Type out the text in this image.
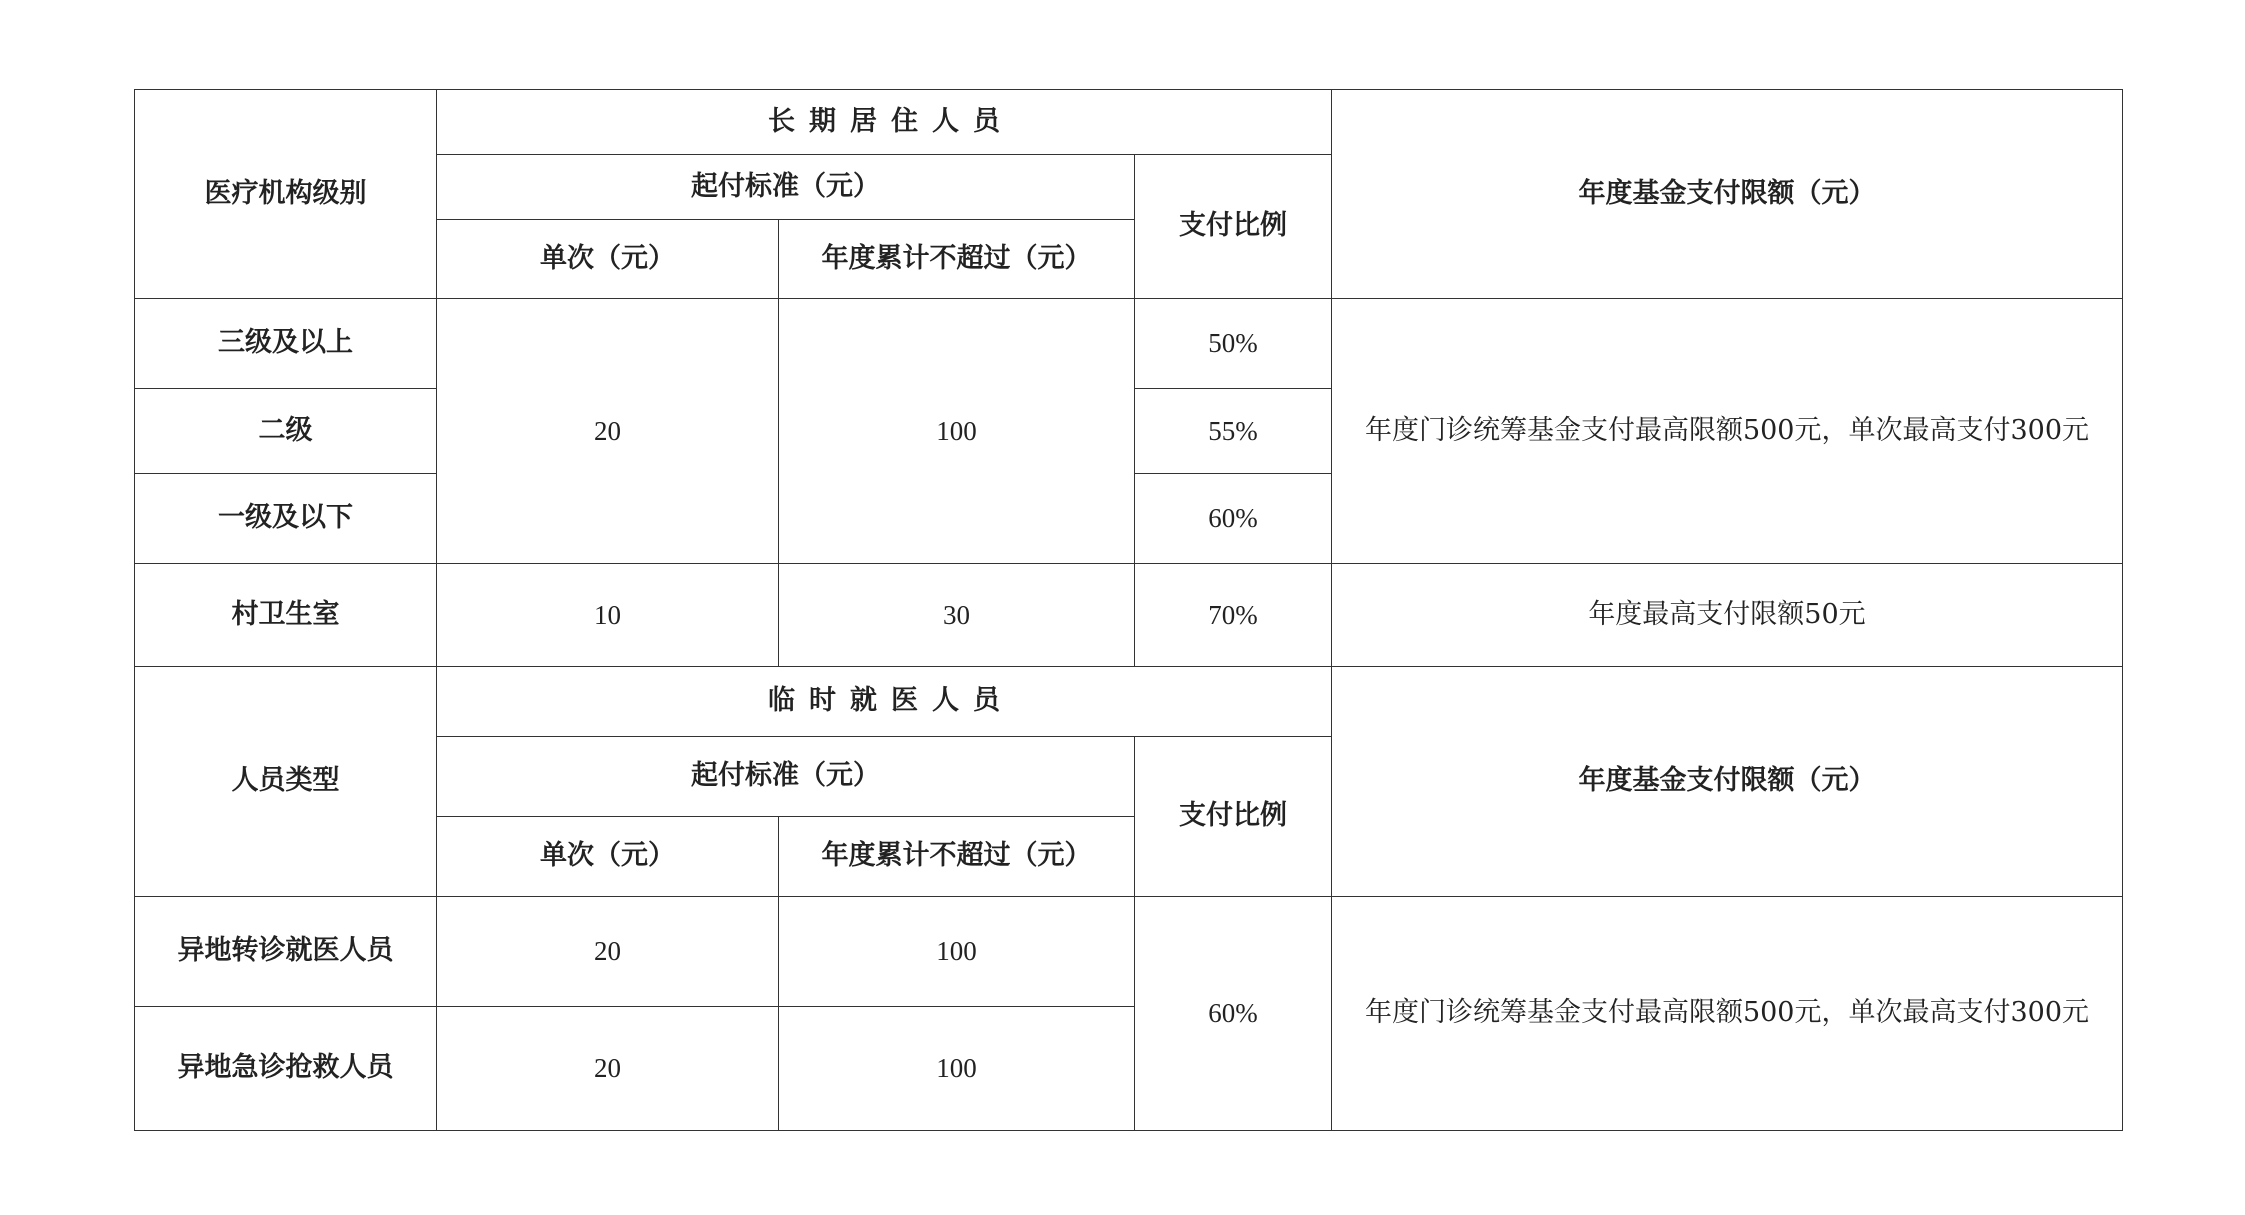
医疗机构级别	长期居住人员			年度基金支付限额（元）
	起付标准（元）		支付比例	
	单次（元）	年度累计不超过（元）		
三级及以上	20	100	50%	年度门诊统筹基金支付最高限额500元，单次最高支付300元
二级			55%	
一级及以下			60%	
村卫生室	10	30	70%	年度最高支付限额50元
人员类型	临时就医人员			年度基金支付限额（元）
	起付标准（元）		支付比例	
	单次（元）	年度累计不超过（元）		
异地转诊就医人员	20	100	60%	年度门诊统筹基金支付最高限额500元，单次最高支付300元
异地急诊抢救人员	20	100		
